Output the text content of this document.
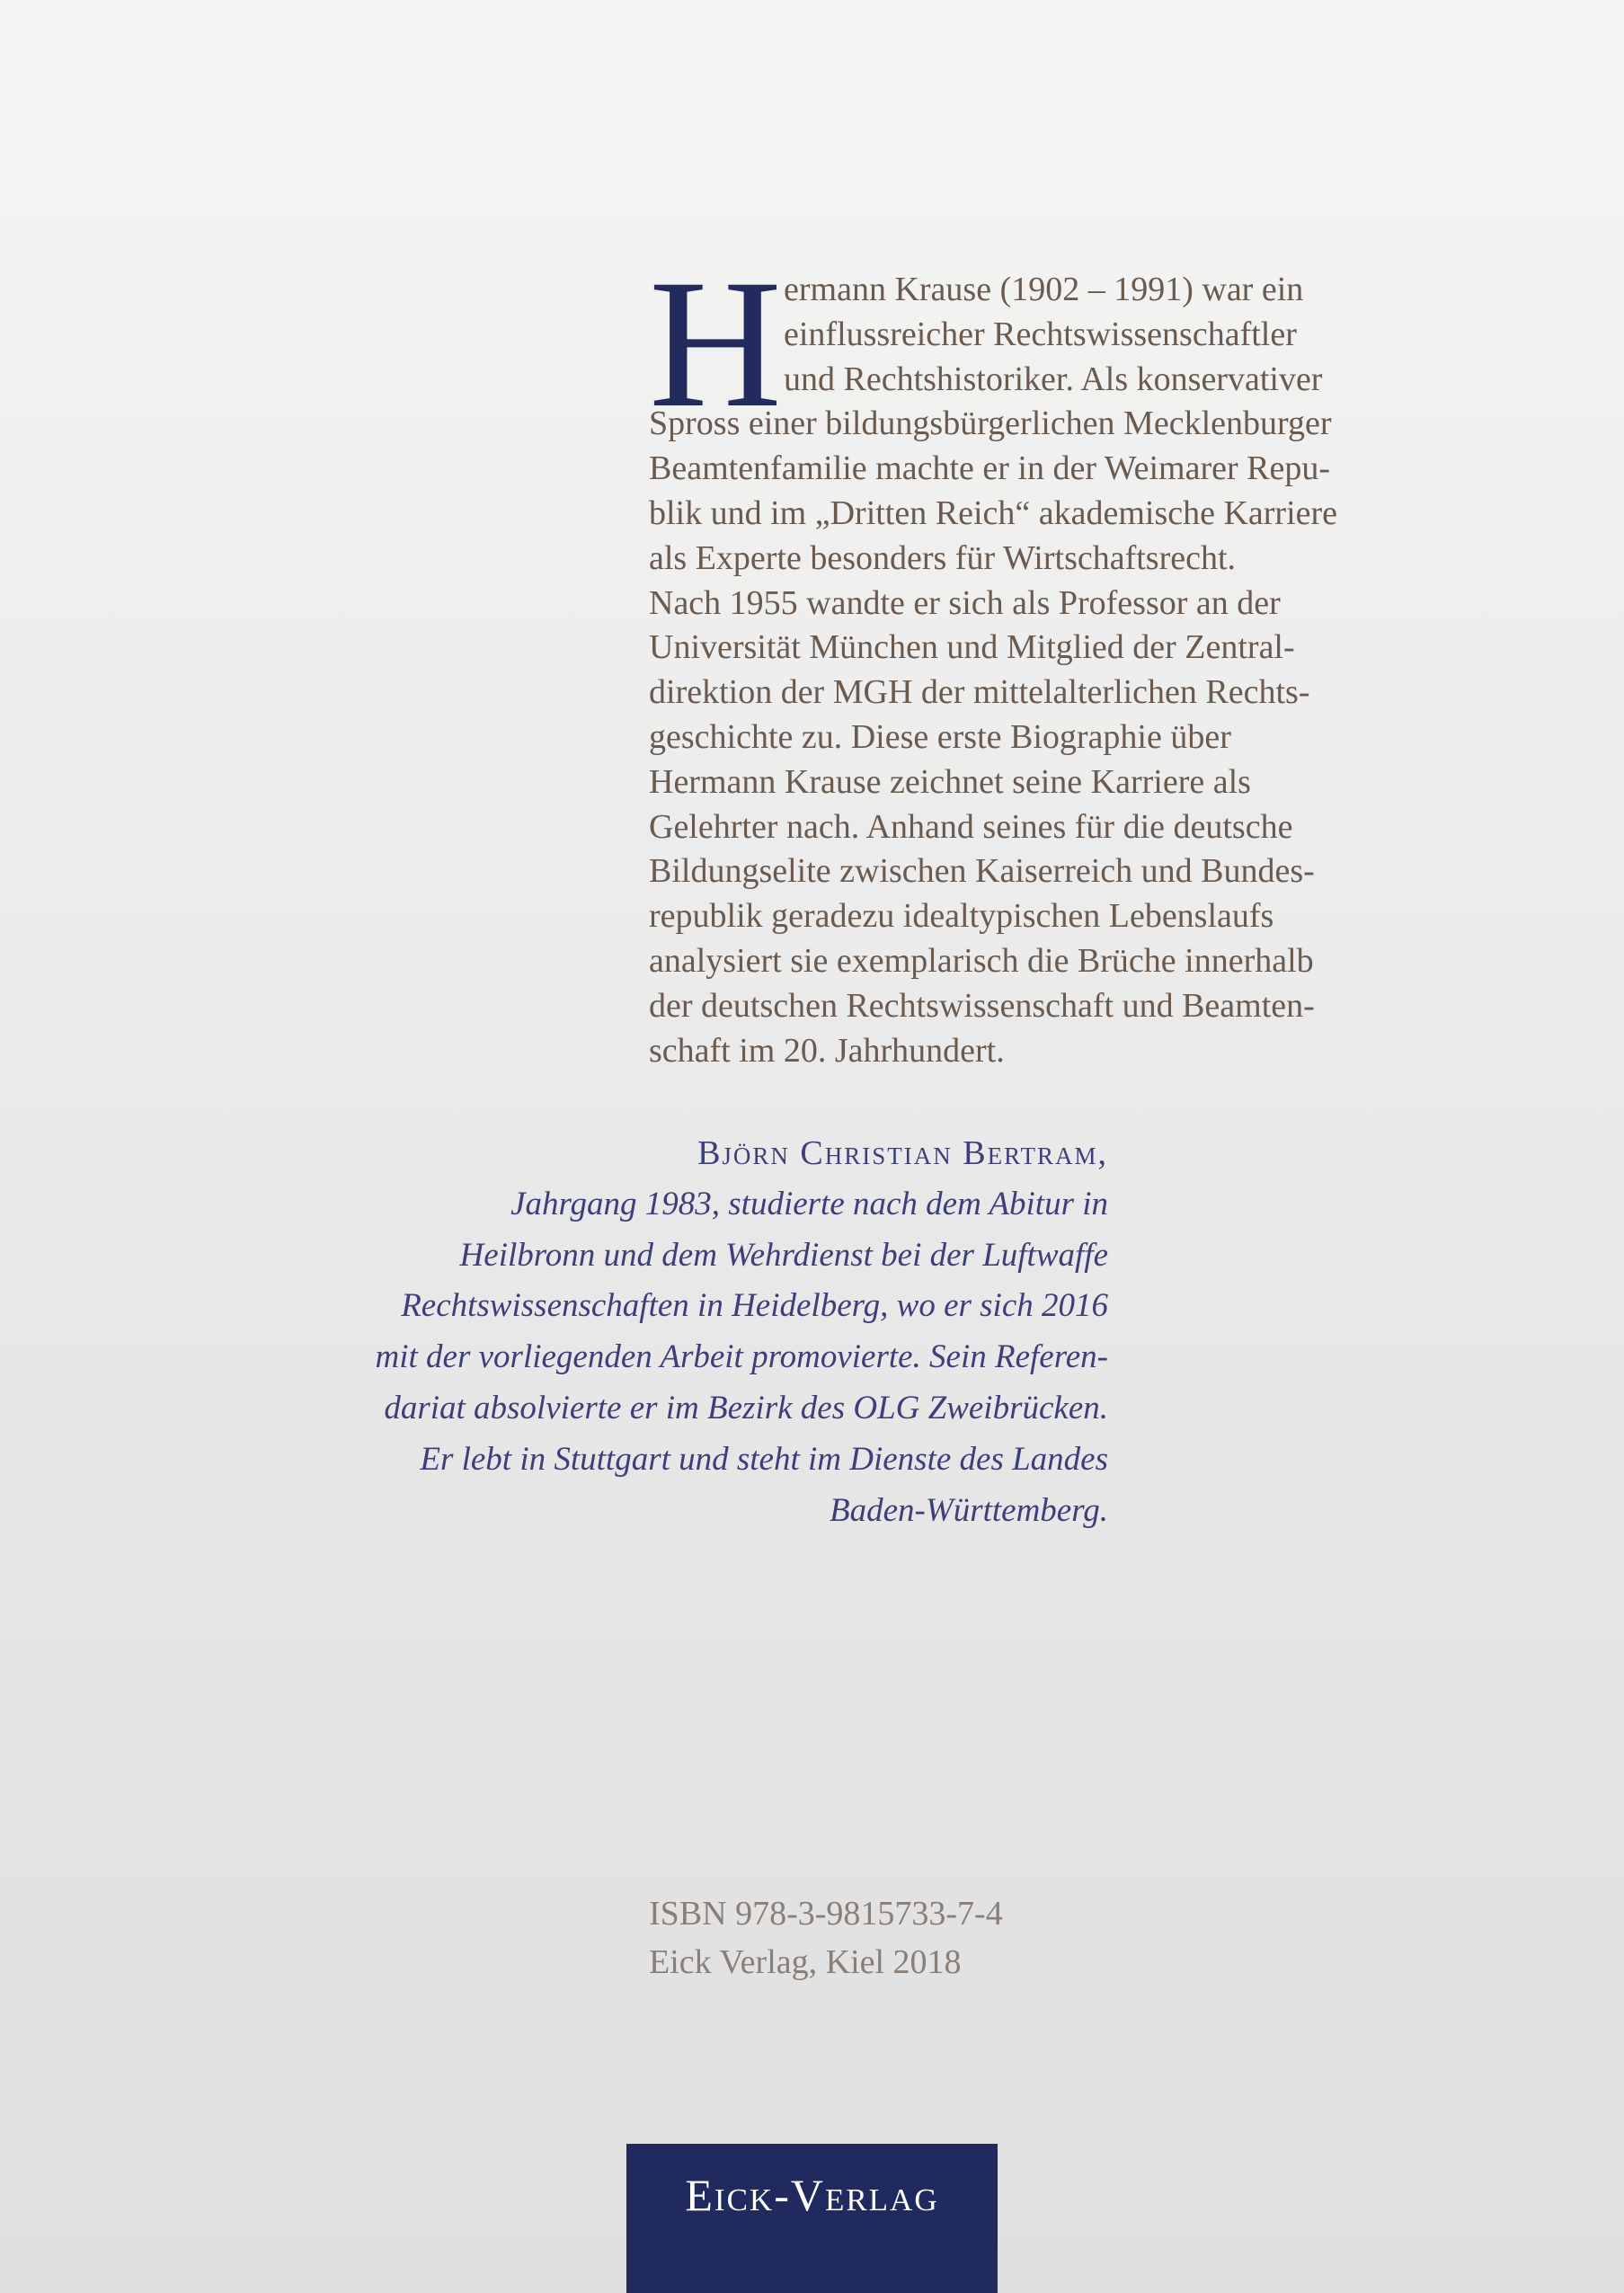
H ermann Krause (1902 – 1991) war ein
einflussreicher Rechtswissenschaftler
und Rechtshistoriker. Als konservativer
Spross einer bildungsbürgerlichen Mecklenburger
Beamtenfamilie machte er in der Weimarer Repu-
blik und im „Dritten Reich“ akademische Karriere
als Experte besonders für Wirtschaftsrecht.
Nach 1955 wandte er sich als Professor an der
Universität München und Mitglied der Zentral-
direktion der MGH der mittelalterlichen Rechts-
geschichte zu. Diese erste Biographie über
Hermann Krause zeichnet seine Karriere als
Gelehrter nach. Anhand seines für die deutsche
Bildungselite zwischen Kaiserreich und Bundes-
republik geradezu idealtypischen Lebenslaufs
analysiert sie exemplarisch die Brüche innerhalb
der deutschen Rechtswissenschaft und Beamten-
schaft im 20. Jahrhundert.
Björn Christian Bertram,
Jahrgang 1983, studierte nach dem Abitur in
Heilbronn und dem Wehrdienst bei der Luftwaffe
Rechtswissenschaften in Heidelberg, wo er sich 2016
mit der vorliegenden Arbeit promovierte. Sein Referen-
dariat absolvierte er im Bezirk des OLG Zweibrücken.
Er lebt in Stuttgart und steht im Dienste des Landes
Baden-Württemberg.
ISBN 978-3-9815733-7-4
Eick Verlag, Kiel 2018
Eick-Verlag
